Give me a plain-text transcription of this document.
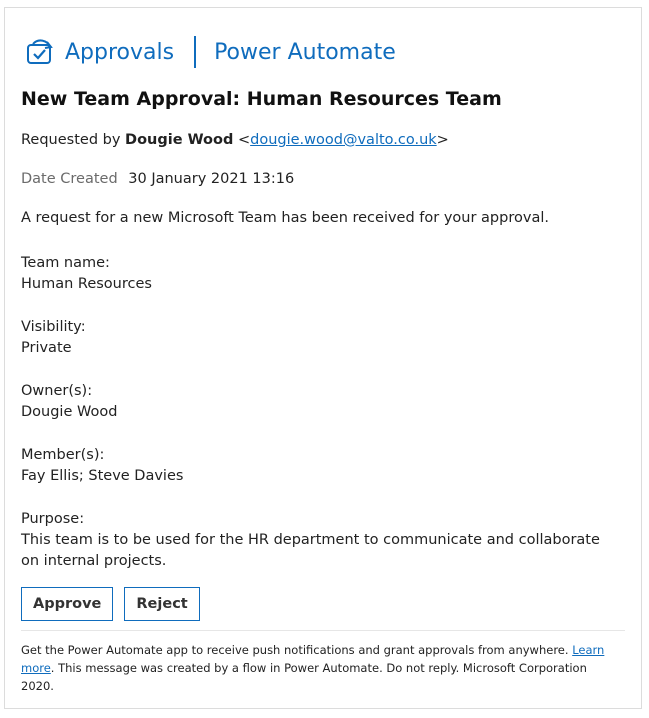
Approvals Power Automate
New Team Approval: Human Resources Team
Requested by Dougie Wood <dougie.wood@valto.co.uk>
Date Created 30 January 2021 13:16
A request for a new Microsoft Team has been received for your approval.
Team name:
Human Resources
Visibility:
Private
Owner(s):
Dougie Wood
Member(s):
Fay Ellis; Steve Davies
Purpose:
This team is to be used for the HR department to communicate and collaborate on internal projects.
Approve	Reject
Get the Power Automate app to receive push notifications and grant approvals from anywhere. Learn more. This message was created by a flow in Power Automate. Do not reply. Microsoft Corporation 2020.
